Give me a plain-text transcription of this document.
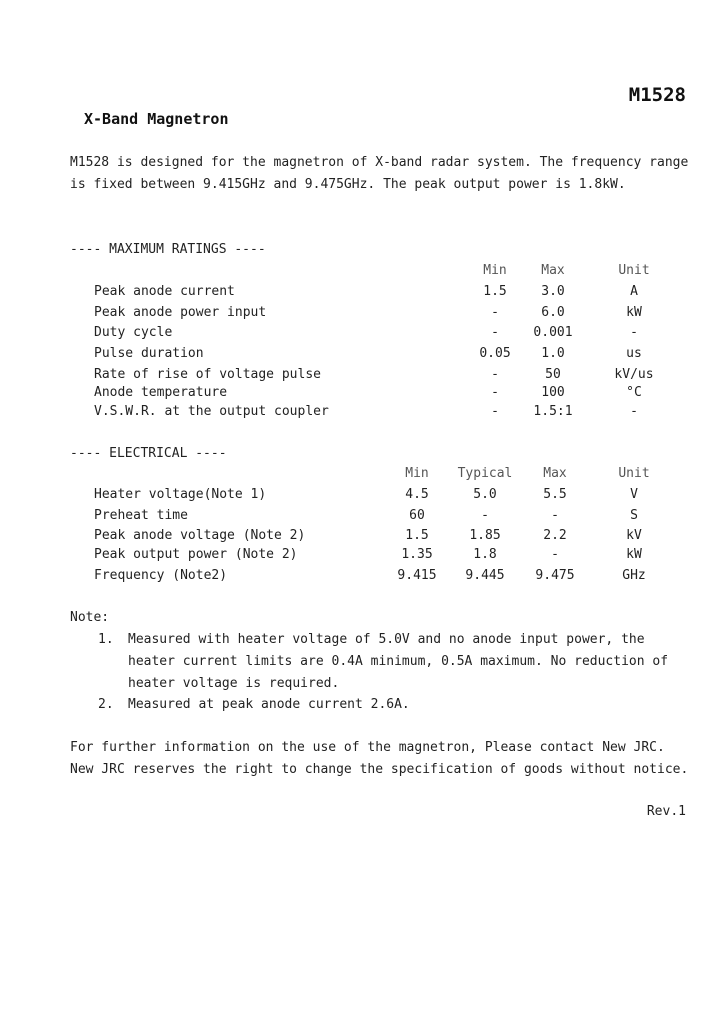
M1528
X-Band Magnetron
M1528 is designed for the magnetron of X-band radar system. The frequency range is fixed between 9.415GHz and 9.475GHz. The peak output power is 1.8kW.
---- MAXIMUM RATINGS ----
Min	Max	Unit
Peak anode current	1.5	3.0	A
Peak anode power input	-	6.0	kW
Duty cycle	-	0.001	-
Pulse duration	0.05	1.0	us
Rate of rise of voltage pulse	-	50	kV/us
Anode temperature	-	100	°C
V.S.W.R. at the output coupler	-	1.5:1	-
---- ELECTRICAL ----
Min	Typical	Max	Unit
Heater voltage(Note 1)	4.5	5.0	5.5	V
Preheat time	60	-	-	S
Peak anode voltage (Note 2)	1.5	1.85	2.2	kV
Peak output power (Note 2)	1.35	1.8	-	kW
Frequency (Note2)	9.415	9.445	9.475	GHz
Note:
1. Measured with heater voltage of 5.0V and no anode input power, the heater current limits are 0.4A minimum, 0.5A maximum. No reduction of heater voltage is required.
2. Measured at peak anode current 2.6A.
For further information on the use of the magnetron, Please contact New JRC. New JRC reserves the right to change the specification of goods without notice.
Rev.1
